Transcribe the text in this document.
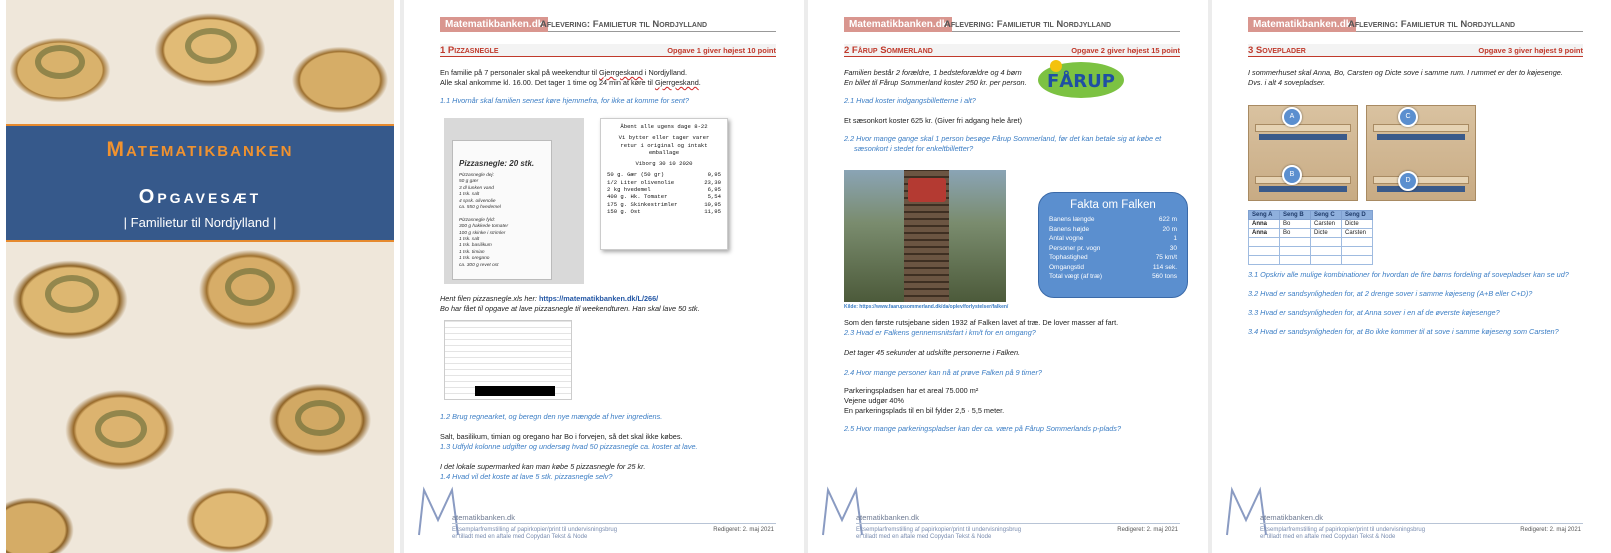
Matematikbanken
Opgavesæt
| Familietur til Nordjylland |
Matematikbanken.dk
Aflevering: Familietur til Nordjylland
1 Pizzasnegle	Opgave 1 giver højest 10 point
En familie på 7 personaler skal på weekendtur til Gjerrgeskand i Nordjylland.
Alle skal ankomme kl. 16.00. Det tager 1 time og 24 min at køre til Gjerrgeskand.
1.1 Hvornår skal familien senest køre hjemmefra, for ikke at komme for sent?
Pizzasnegle: 20 stk.
Pizzasnegle dej:
50 g gær
3 dl lunken vand
1 tsk. salt
4 spsk. olivenolie
ca. 550 g hvedemel

Pizzasnegle fyld:
300 g hakkede tomater
100 g skinke i strimler
1 tsk. salt
1 tsk. basilikum
1 tsk. timian
1 tsk. oregano
ca. 300 g revet ost
Åbent alle ugens dage 8-22
Vi bytter eller tager varer
retur i original og intakt
emballage
Viborg 30 10 2020
50 g. Gær (50 gr)	0,95
1/2 Liter olivenolie	23,30
2 kg hvedemel	6,95
400 g. Hk. Tomater	5,54
175 g. Skinkestrimler	10,95
150 g. Ost	11,95
Hent filen pizzasnegle.xls her: https://matematikbanken.dk/L/266/
Bo har fået til opgave at lave pizzasnegle til weekendturen. Han skal lave 50 stk.
1.2 Brug regnearket, og beregn den nye mængde af hver ingrediens.
Salt, basilikum, timian og oregano har Bo i forvejen, så det skal ikke købes.
1.3 Udfyld kolonne udgifter og undersøg hvad 50 pizzasnegle ca. koster at lave.
I det lokale supermarked kan man købe 5 pizzasnegle for 25 kr.
1.4 Hvad vil det koste at lave 5 stk. pizzasnegle selv?
atematikbanken.dk
Eksemplarfremstilling af papirkopier/print til undervisningsbrug
er tilladt med en aftale med Copydan Tekst & Node
Redigeret: 2. maj 2021
Matematikbanken.dk
Aflevering: Familietur til Nordjylland
2 Fårup Sommerland	Opgave 2 giver højest 15 point
Familien består 2 forældre, 1 bedsteforældre og 4 børn
En billet til Fårup Sommerland koster 250 kr. per person. FÅRUP
2.1 Hvad koster indgangsbilletterne i alt?
Et sæsonkort koster 625 kr. (Giver fri adgang hele året)
2.2 Hvor mange gange skal 1 person besøge Fårup Sommerland, før det kan betale sig at købe et
sæsonkort i stedet for enkeltbilletter?
Kilde: https://www.faarupsommerland.dk/da/oplev/forlystelser/falken/
Fakta om Falken
Banens længde	622 m
Banens højde	20 m
Antal vogne	1
Personer pr. vogn	30
Tophastighed	75 km/t
Omgangstid	114 sek.
Total vægt (af træ)	560 tons
Som den første rutsjebane siden 1932 af Falken lavet af træ. De lover masser af fart.
2.3 Hvad er Falkens gennemsnitsfart i km/t for en omgang?
Det tager 45 sekunder at udskifte personerne i Falken.
2.4 Hvor mange personer kan nå at prøve Falken på 9 timer?
Parkeringspladsen har et areal 75.000 m²
Vejene udgør 40%
En parkeringsplads til en bil fylder 2,5 · 5,5 meter.
2.5 Hvor mange parkeringspladser kan der ca. være på Fårup Sommerlands p-plads?
atematikbanken.dk
Eksemplarfremstilling af papirkopier/print til undervisningsbrug
er tilladt med en aftale med Copydan Tekst & Node
Redigeret: 2. maj 2021
Matematikbanken.dk
Aflevering: Familietur til Nordjylland
3 Soveplader	Opgave 3 giver højest 9 point
I sommerhuset skal Anna, Bo, Carsten og Dicte sove i samme rum. I rummet er der to køjesenge.
Dvs. i alt 4 sovepladser.
A
B
C
D
Seng A	Seng B	Seng C	Seng D
Anna	Bo	Carsten	Dicte
Anna	Bo	Dicte	Carsten

3.1 Opskriv alle mulige kombinationer for hvordan de fire børns fordeling af sovepladser kan se ud?
3.2 Hvad er sandsynligheden for, at 2 drenge sover i samme køjeseng (A+B eller C+D)?
3.3 Hvad er sandsynligheden for, at Anna sover i en af de øverste køjesenge?
3.4 Hvad er sandsynligheden for, at Bo ikke kommer til at sove i samme køjeseng som Carsten?
atematikbanken.dk
Eksemplarfremstilling af papirkopier/print til undervisningsbrug
er tilladt med en aftale med Copydan Tekst & Node
Redigeret: 2. maj 2021
